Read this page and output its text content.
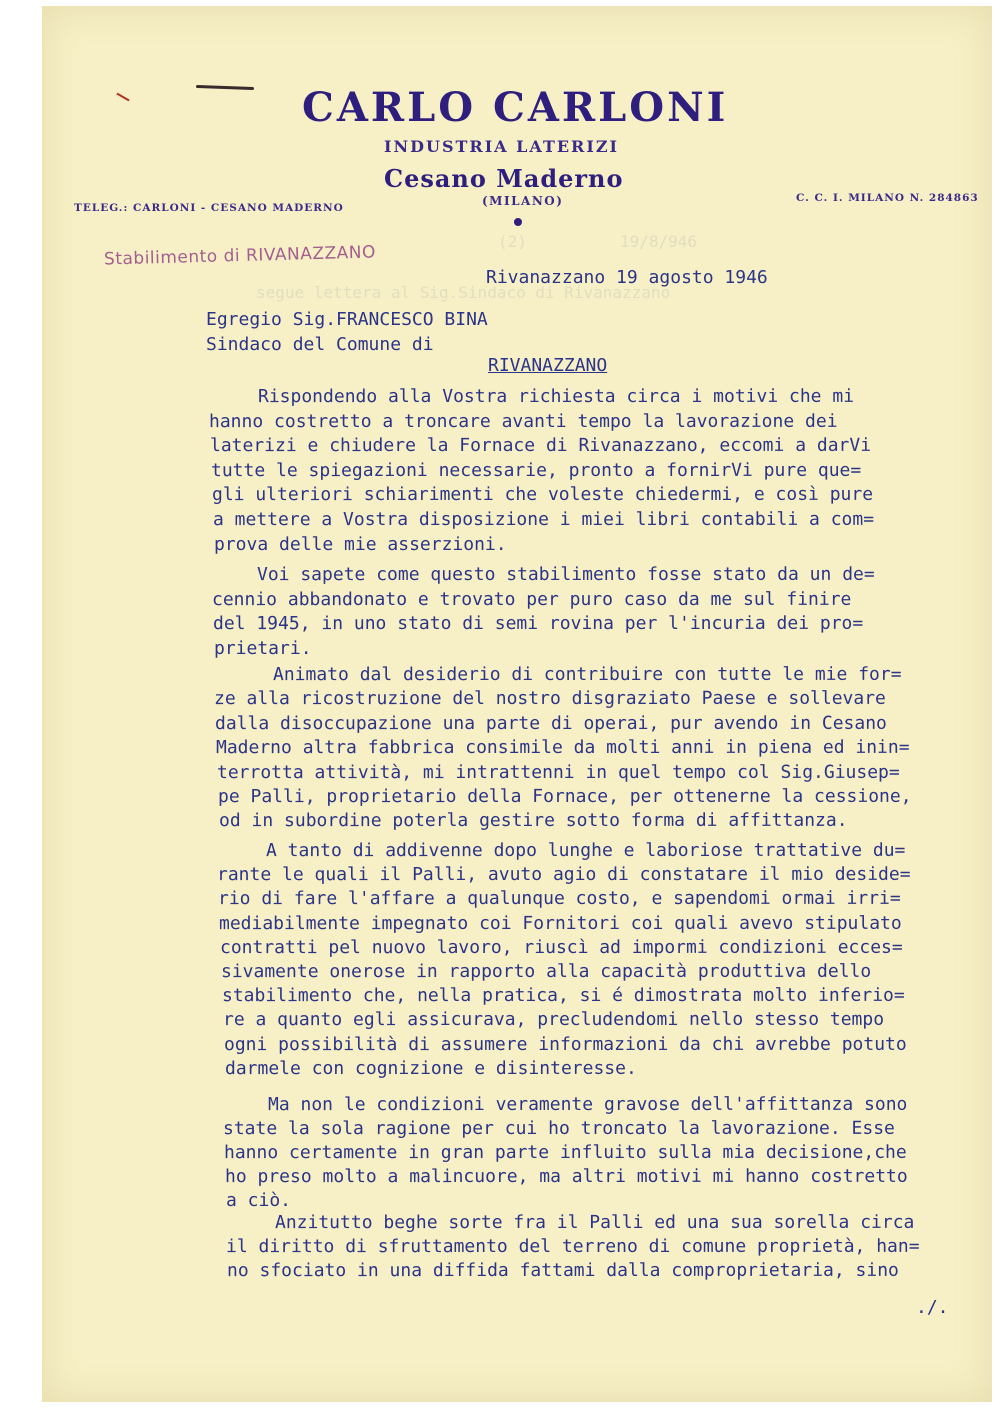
CARLO CARLONI
INDUSTRIA LATERIZI
Cesano Maderno
(MILANO)
TELEG.: CARLONI - CESANO MADERNO
C. C. I. MILANO N. 284863
Stabilimento di RIVANAZZANO
(2)	19/8/946
segue lettera al Sig.Sindaco di Rivanazzano
Rivanazzano 19 agosto 1946
Egregio Sig.FRANCESCO BINA
Sindaco del Comune di
RIVANAZZANO
Rispondendo alla Vostra richiesta circa i motivi che mi
hanno costretto a troncare avanti tempo la lavorazione dei
laterizi e chiudere la Fornace di Rivanazzano, eccomi a darVi
tutte le spiegazioni necessarie, pronto a fornirVi pure que=
gli ulteriori schiarimenti che voleste chiedermi, e così pure
a mettere a Vostra disposizione i miei libri contabili a com=
prova delle mie asserzioni.
Voi sapete come questo stabilimento fosse stato da un de=
cennio abbandonato e trovato per puro caso da me sul finire
del 1945, in uno stato di semi rovina per l'incuria dei pro=
prietari.
Animato dal desiderio di contribuire con tutte le mie for=
ze alla ricostruzione del nostro disgraziato Paese e sollevare
dalla disoccupazione una parte di operai, pur avendo in Cesano
Maderno altra fabbrica consimile da molti anni in piena ed inin=
terrotta attività, mi intrattenni in quel tempo col Sig.Giusep=
pe Palli, proprietario della Fornace, per ottenerne la cessione,
od in subordine poterla gestire sotto forma di affittanza.
A tanto di addivenne dopo lunghe e laboriose trattative du=
rante le quali il Palli, avuto agio di constatare il mio deside=
rio di fare l'affare a qualunque costo, e sapendomi ormai irri=
mediabilmente impegnato coi Fornitori coi quali avevo stipulato
contratti pel nuovo lavoro, riuscì ad impormi condizioni ecces=
sivamente onerose in rapporto alla capacità produttiva dello
stabilimento che, nella pratica, si é dimostrata molto inferio=
re a quanto egli assicurava, precludendomi nello stesso tempo
ogni possibilità di assumere informazioni da chi avrebbe potuto
darmele con cognizione e disinteresse.
Ma non le condizioni veramente gravose dell'affittanza sono
state la sola ragione per cui ho troncato la lavorazione. Esse
hanno certamente in gran parte influito sulla mia decisione,che
ho preso molto a malincuore, ma altri motivi mi hanno costretto
a ciò.
Anzitutto beghe sorte fra il Palli ed una sua sorella circa
il diritto di sfruttamento del terreno di comune proprietà, han=
no sfociato in una diffida fattami dalla comproprietaria, sino
./.
